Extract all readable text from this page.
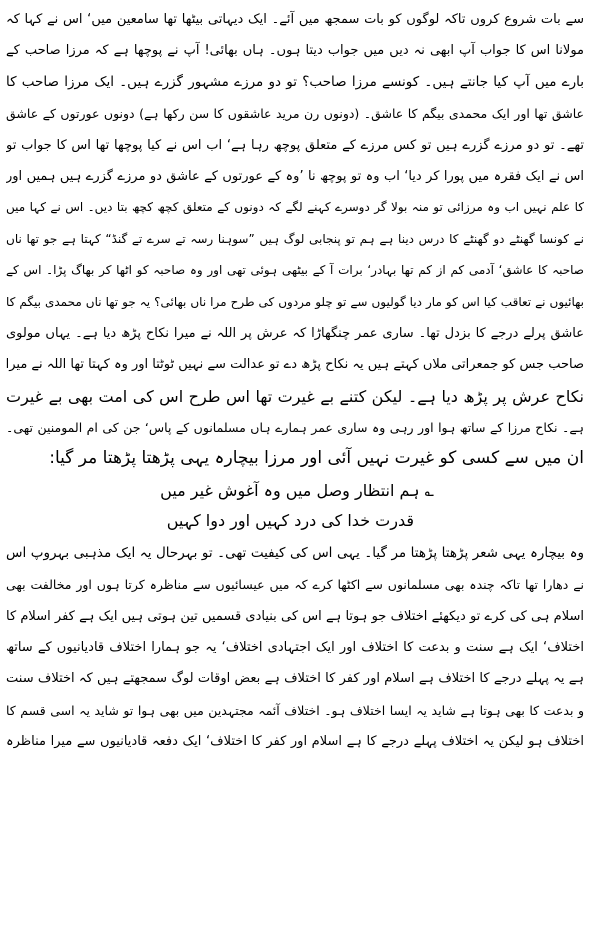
سے بات شروع کروں تاکہ لوگوں کو بات سمجھ میں آئے۔ ایک دیہاتی بیٹھا تھا سامعین میں‘ اس نے کہا کہ
مولانا اس کا جواب آپ ابھی نہ دیں میں جواب دیتا ہوں۔ ہاں بھائی! آپ نے پوچھا ہے کہ مرزا صاحب کے
بارے میں آپ کیا جانتے ہیں۔ کونسے مرزا صاحب؟ تو دو مرزے مشہور گزرے ہیں۔ ایک مرزا صاحب کا
عاشق تھا اور ایک محمدی بیگم کا عاشق۔ (دونوں رن مرید عاشقوں کا سن رکھا ہے) دونوں عورتوں کے عاشق
تھے۔ تو دو مرزے گزرے ہیں تو کس مرزے کے متعلق پوچھ رہا ہے‘ اب اس نے کیا پوچھا تھا اس کا جواب تو
اس نے ایک فقرہ میں پورا کر دیا‘ اب وہ تو پوچھ نا ’وہ کے عورتوں کے عاشق دو مرزے گزرے ہیں ہمیں اور
کا علم نہیں اب وہ مرزائی تو منہ بولا گر دوسرے کہنے لگے کہ دونوں کے متعلق کچھ کچھ بتا دیں۔ اس نے کہا میں
نے کونسا گھنٹے دو گھنٹے کا درس دینا ہے ہم تو پنجابی لوگ ہیں ”سوہنا رسہ تے سرے تے گنڈ“ کہتا ہے جو تھا ناں
صاحبہ کا عاشق‘ آدمی کم از کم تھا بہادر‘ برات آ کے بیٹھی ہوئی تھی اور وہ صاحبہ کو اٹھا کر بھاگ پڑا۔ اس کے
بھائیوں نے تعاقب کیا اس کو مار دیا گولیوں سے تو چلو مردوں کی طرح مرا ناں بھائی؟ یہ جو تھا ناں محمدی بیگم کا
عاشق پرلے درجے کا بزدل تھا۔ ساری عمر چنگھاڑا کہ عرش پر اللہ نے میرا نکاح پڑھ دیا ہے۔ یہاں مولوی
صاحب جس کو جمعراتی ملاں کہتے ہیں یہ نکاح پڑھ دے تو عدالت سے نہیں ٹوٹتا اور وہ کہتا تھا اللہ نے میرا
نکاح عرش پر پڑھ دیا ہے۔ لیکن کتنے بے غیرت تھا اس طرح اس کی امت بھی بے غیرت
ہے۔ نکاح مرزا کے ساتھ ہوا اور رہی وہ ساری عمر ہمارے ہاں مسلمانوں کے پاس‘ جن کی ام المومنین تھی۔
ان میں سے کسی کو غیرت نہیں آئی اور مرزا بیچارہ یہی پڑھتا پڑھتا مر گیا:
؎ ہم انتظار وصل میں وہ آغوش غیر میں
قدرت خدا کی درد کہیں اور دوا کہیں
وہ بیچارہ یہی شعر پڑھتا پڑھتا مر گیا۔ یہی اس کی کیفیت تھی۔ تو بہرحال یہ ایک مذہبی بہروپ اس
نے دھارا تھا تاکہ چندہ بھی مسلمانوں سے اکٹھا کرے کہ میں عیسائیوں سے مناظرہ کرتا ہوں اور مخالفت بھی
اسلام ہی کی کرے تو دیکھئے اختلاف جو ہوتا ہے اس کی بنیادی قسمیں تین ہوتی ہیں ایک ہے کفر اسلام کا
اختلاف‘ ایک ہے سنت و بدعت کا اختلاف اور ایک اجتہادی اختلاف‘ یہ جو ہمارا اختلاف قادیانیوں کے ساتھ
ہے یہ پہلے درجے کا اختلاف ہے اسلام اور کفر کا اختلاف ہے بعض اوقات لوگ سمجھتے ہیں کہ اختلاف سنت
و بدعت کا بھی ہوتا ہے شاید یہ ایسا اختلاف ہو۔ اختلاف آئمہ مجتہدین میں بھی ہوا تو شاید یہ اسی قسم کا
اختلاف ہو لیکن یہ اختلاف پہلے درجے کا ہے اسلام اور کفر کا اختلاف‘ ایک دفعہ قادیانیوں سے میرا مناظرہ
